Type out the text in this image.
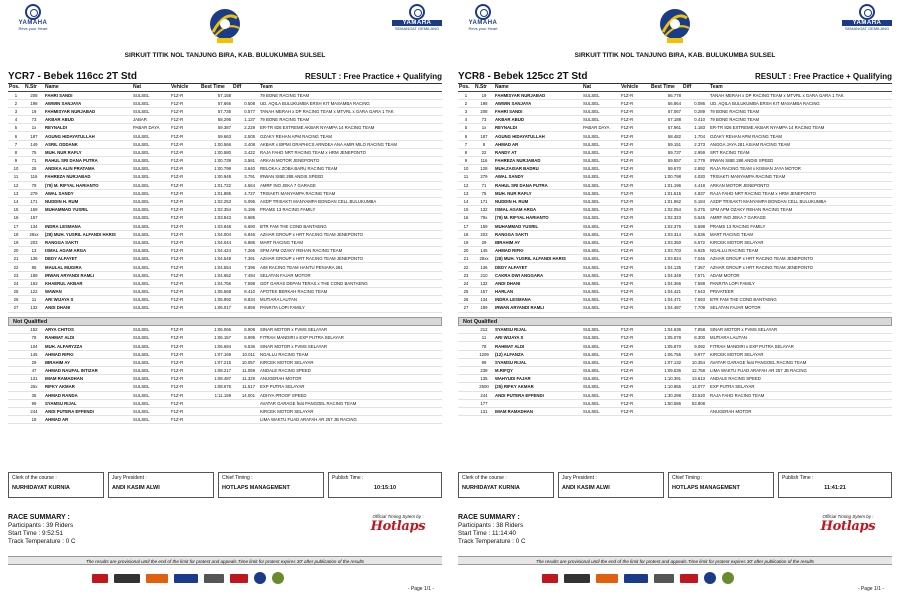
YAMAHA
Revs your Heart
YAMAHA
SEMANGAT GEMILANG
SIRKUIT TITIK NOL TANJUNG BIRA, KAB. BULUKUMBA SULSEL
YCR7 - Bebek 116cc 2T Std	RESULT : Free Practice + Qualifying
Pos.	N.Str	Name	Nat	Vehicle	Best Time	Diff	Team
1	208	FAHRI SANDI	SULSEL	F1Z-R	57.158		79 BONE RACING TEAM
2	198	AWWIN SANJAYA	SULSEL	F1Z-R	57.666	0.508	UD. AQILA BULUKUMBA ERSH KIT MASAMBA RACING
3	19	FAHMISYAR NURJABAD	SULSEL	F1Z-R	57.735	0.577	TANAH MERAH x DP RACING TEAM x MTVRL x GARA GARA 1 TAK
4	73	AKBAR ABUD	JABAR	F1Z-R	58.295	1.137	79 BONE RACING TEAM
5	1x	REYNALDI	PABAR DAYA	F1Z-R	59.387	2.229	ER-TR 826 EXTREME AKBAR NYAMPA 14 RACING TEAM
6	187	AGUNG HIDAYATULLAH	SULSEL	F1Z-R	59.663	2.505	OZAKY REHAN APM RACING TEAM
7	149	ASRIL ODDANK	SULSEL	F1Z-R	1:00.566	3.408	AKBAR x BIPMI GRAPHICS ARNDEA ANA AMIR MILO RACING TEAM
8	75	MUH. NUR RAFLY	SULSEL	F1Z-R	1:00.580	3.422	RAJA FAHD NRT RACING TEAM x HRM JENEPONTO
9	71	RAHUL SRI DANA PUTRA	SULSEL	F1Z-R	1:00.739	3.581	ARKAN MOTOR JENEPONTO
10	25	ANDIKA ALIN PRATAMA	SULSEL	F1Z-R	1:00.798	3.640	RELOKA x ZOBA BARU RACING TEAM
11	116	FAHREZA NURJABAD	SULSEL	F1Z-R	1:00.949	3.791	IRWAN SIBE 288 ANDIS SPEED
12	79	(79) M. RIFYAL HARIANTO	SULSEL	F1Z-R	1:01.722	4.564	AMRF INO JEKA 7 GARAGE
13	279	AWAL SANDY	SULSEL	F1Z-R	1:01.885	4.727	TRISAKTI MANYAMPA RACING TEAM
14	171	NUDDIN H. RUM	SULSEL	F1Z-R	1:02.253	5.095	ASDP TRISAKTI MANYAMPA BONDAN CELL BULUKUMBA
15	159	MUHAMMAD YUSRIL	SULSEL	F1Z-R	1:02.354	5.196	PRAMS 13 RACING FAMILY
16	157		SULSEL	F1Z-R	1:03.843	6.685	
17	134	INDRA LESMANA	SULSEL	F1Z-R	1:03.848	6.690	BTR FAM THE COND BANTAENG
18	28xx	(28) MUH. YUSRIL ALFANDI HARIS	SULSEL	F1Z-R	1:04.004	6.846	AZHAR GROUP x HRT RACING TEAM JENEPONTO
19	203	RANGGA SAKTI	SULSEL	F1Z-R	1:04.044	6.886	MART RACING TEAM
20	13	ISMAL AGAM ARGA	SULSEL	F1Z-R	1:04.424	7.266	SFM APM OZAKY REHAN RACING TEAM
21	136	DEDY ALFAYET	SULSEL	F1Z-R	1:04.549	7.391	AZHAR GROUP x HRT RACING TEAM JENEPONTO
22	85	MAULAL MUGIRA	SULSEL	F1Z-R	1:04.554	7.396	AIM RACING TEAM HANTU PENIARA 281
23	189	IRWAN ARYANDI RAMLI	SULSEL	F1Z-R	1:04.652	7.494	SELATAN FAJAR MOTOR
24	163	KHAERUL AKBAR	SULSEL	F1Z-R	1:04.756	7.598	GDT GARAS DEPAN TERAS x THE COND BANTAENG
25	122	WAWAN	SULSEL	F1Z-R	1:05.568	8.410	APOTEK BERKAH RACING TEAM
26	11	ARI WIJAYA S	SULSEL	F1Z-R	1:05.992	8.834	MUTIARA LAUTAN
27	132	ANDI DHANI	SULSEL	F1Z-R	1:06.017	8.859	PANRITA LOPI FAMILY
Not Qualified
	152	ARYA CHITOS	SULSEL	F1Z-R	1:06.066	8.908	SINAR MOTOR x FVMS SELAYAR
	78	RAHMAT ALDI	SULSEL	F1Z-R	1:06.157	8.999	FITRAH MANDIRI x EXP PUTRA SELAYAR
	104	MUH. ALFARYZZA	SULSEL	F1Z-R	1:06.694	9.536	SINAR MOTOR x FVMS SELAYAR
	145	AHMAD RIFKI	SULSEL	F1Z-R	1:07.169	10.011	NGALLU RACING TEAM
	29	IBRAHIM AY	SULSEL	F1Z-R	1:07.215	10.057	KIRCEK MOTOR SELAYAR
	47	AHMAD NAUFAL INTIZAR	SULSEL	F1Z-R	1:08.217	11.059	ANDALE RACING SPEED
	131	IMAM RAMADHAN	SULSEL	F1Z-R	1:08.487	11.329	ANUGERAH MOTOR
	25x	RIFKY AKMAR	SULSEL	F1Z-R	1:08.675	11.517	EXP PUTRA SELAYAR
	35	AHMAD RANDA	SULSEL	F1Z-R	1:11.159	14.001	ADHYA PROOF SPEED
	99	SYAMSU RIJAL	SULSEL	F1Z-R			AVATAR GARAGE feat PANGOEL RACING TEAM
	244	ANDI PUTERA EFFENDI	SULSEL	F1Z-R			KIRCEK MOTOR SELAYAR
	18	AHMAD AR	SULSEL	F1Z-R			LIMA WAKTU FUAD ARAFAH AR 257 JB RACING
Clerk of the course :
NURHIDAYAT KURNIA
Jury President :
ANDI KASIM ALWI
Chief Timing :
HOTLAPS MANAGEMENT
Publish Time :
10:15:10
RACE SUMMARY :
Participants : 39 Riders
Start Time : 9:52:51
Track Temperature : 0 C
Official Timing Sytem by :
Hotlaps
The results are provisional until the end of the limit for protest and appeals.Time limit for protest expires 30' after publication of the results
- Page 1/1 -
YAMAHA
Revs your Heart
YAMAHA
SEMANGAT GEMILANG
SIRKUIT TITIK NOL TANJUNG BIRA, KAB. BULUKUMBA SULSEL
YCR8 - Bebek 125cc 2T Std	RESULT : Free Practice + Qualifying
Pos.	N.Str	Name	Nat	Vehicle	Best Time	Diff	Team
1	19	FAHMISYAR NURJABAD	SULSEL	F1Z-R	56.778		TANAH MERAH x DP RACING TEAM x MTVRL x GARA GARA 1 TAK
2	198	AWWIN SANJAYA	SULSEL	F1Z-R	56.864	0.086	UD. AQILA BULUKUMBA ERSH KIT MASAMBA RACING
3	208	FAHRI SANDI	SULSEL	F1Z-R	57.067	0.289	79 BONE RACING TEAM
4	73	AKBAR ABUD	SULSEL	F1Z-R	57.188	0.410	79 BONE RACING TEAM
5	1x	REYNALDI	PABAR DAYA	F1Z-R	57.961	1.183	ER-TR 826 EXTREME AKBAR NYAMPA 14 RACING TEAM
6	187	AGUNG HIDAYATULLAH	SULSEL	F1Z-R	58.482	1.704	OZAKY REHAN APM RACING TEAM
7	8	AHMAD AR	SULSEL	F1Z-R	59.151	2.373	ANGGA JAYA 281 ASIAM RACING TEAM
8	22	RANDY AT	SULSEL	F1Z-R	59.737	2.959	SRT RACING TEAM
9	116	FAHREZA NURJABAD	SULSEL	F1Z-R	59.557	2.779	IRWAN SIBE 288 ANDIS SPEED
10	128	MUH.ZAISAR BADRU	SULSEL	F1Z-R	59.670	2.892	RAJA RACING TEAM x KISMAN JAYA MOTOR
11	279	AWAL SANDY	SULSEL	F1Z-R	1:00.798	4.020	TRISAKTI MANYAMPA RACING TEAM
12	71	RAHUL SRI DANA PUTRA	SULSEL	F1Z-R	1:01.196	4.418	ARKAN MOTOR JENEPONTO
13	75	MUH. NUR RAFLY	SULSEL	F1Z-R	1:01.615	4.837	RAJA FAHD NRT RACING TEAM x HRM JENEPONTO
14	171	NUDDIN H. RUM	SULSEL	F1Z-R	1:01.962	5.184	ASDP TRISAKTI MANYAMPA BONDAN CELL BULUKUMBA
15	132	ISMAL AGAM ARGA	SULSEL	F1Z-R	1:02.054	5.276	SFM APM OZAKY REHAN RACING TEAM
16	79x	(79) M. RIFYAL HARIANTO	SULSEL	F1Z-R	1:02.323	5.545	AMRF INO JEKA 7 GARAGE
17	159	MUHAMMAD YUSRIL	SULSEL	F1Z-R	1:02.376	5.598	PRAMS 13 RACING FAMILY
18	203	RANGGA SAKTI	SULSEL	F1Z-R	1:03.314	6.536	MART RACING TEAM
19	29	IBRAHIM AY	SULSEL	F1Z-R	1:03.350	6.572	KIRCEK MOTOR SELAYAR
20	145	AHMAD RIFKI	SULSEL	F1Z-R	1:03.703	6.925	NGALLU RACING TEAM
21	28xx	(28) MUH. YUSRIL ALFANDI HARIS	SULSEL	F1Z-R	1:03.824	7.046	AZHAR GROUP x HRT RACING TEAM JENEPONTO
22	136	DEDY ALFAYET	SULSEL	F1Z-R	1:04.135	7.357	AZHAR GROUP x HRT RACING TEAM JENEPONTO
23	210	CAKRA DWI ANGGARA	SULSEL	F1Z-R	1:04.349	7.571	ADAM MOTOR
24	132	ANDI DHANI	SULSEL	F1Z-R	1:04.366	7.588	PANRITA LOPI FAMILY
25	157	HARLAN	SULSEL	F1Z-R	1:04.421	7.643	PRIVATEER
26	134	INDRA LESMANA	SULSEL	F1Z-R	1:04.471	7.693	BTR FAM THE COND BANTAENG
27	189	IRWAN ARYANDI RAMLI	SULSEL	F1Z-R	1:04.487	7.709	SELATAN FAJAR MOTOR
Not Qualified
	212	SYAMSU RIJAL	SULSEL	F1Z-R	1:04.636	7.858	SINAR MOTOR x FVMS SELAYAR
	11	ARI WIJAYA S	SULSEL	F1Z-R	1:05.078	8.300	MUTIARA LAUTAN
	78	RAHMAT ALDI	SULSEL	F1Z-R	1:05.870	9.092	FITRAH MANDIRI x EXP PUTRA SELAYAR
	1209	(12) ALFANZA	SULSEL	F1Z-R	1:06.755	9.977	KIRCEK MOTOR SELAYAR
	99	SYAMSU RIJAL	SULSEL	F1Z-R	1:07.132	10.354	AVATAR GARAGE feat PANGOEL RACING TEAM
	238	M.RIFQY	SULSEL	F1Z-R	1:09.536	12.758	LIMA WAKTU FUAD ARAFAH AR 257 JB RACING
	135	WAHYUDI FAJAR	SULSEL	F1Z-R	1:10.391	13.613	ANDALE RACING SPEED
	2500	(25) RIFKY AKMAR	SULSEL	F1Z-R	1:10.855	14.077	EXP PUTRA SELAYAR
	244	ANDI PUTERA EFFENDI	SULSEL	F1Z-R	1:30.298	33.520	RAJA FAHD RACING TEAM
	177		SULSEL	F1Z-R	1:50.586	53.808	
	131	IMAM RAMADHAN	SULSEL	F1Z-R			ANUGERAH MOTOR
Clerk of the course :
NURHIDAYAT KURNIA
Jury President :
ANDI KASIM ALWI
Chief Timing :
HOTLAPS MANAGEMENT
Publish Time :
11:41:21
RACE SUMMARY :
Participants : 38 Riders
Start Time : 11:14:40
Track Temperature : 0 C
Official Timing Sytem by :
Hotlaps
The results are provisional until the end of the limit for protest and appeals.Time limit for protest expires 30' after publication of the results
- Page 1/1 -
